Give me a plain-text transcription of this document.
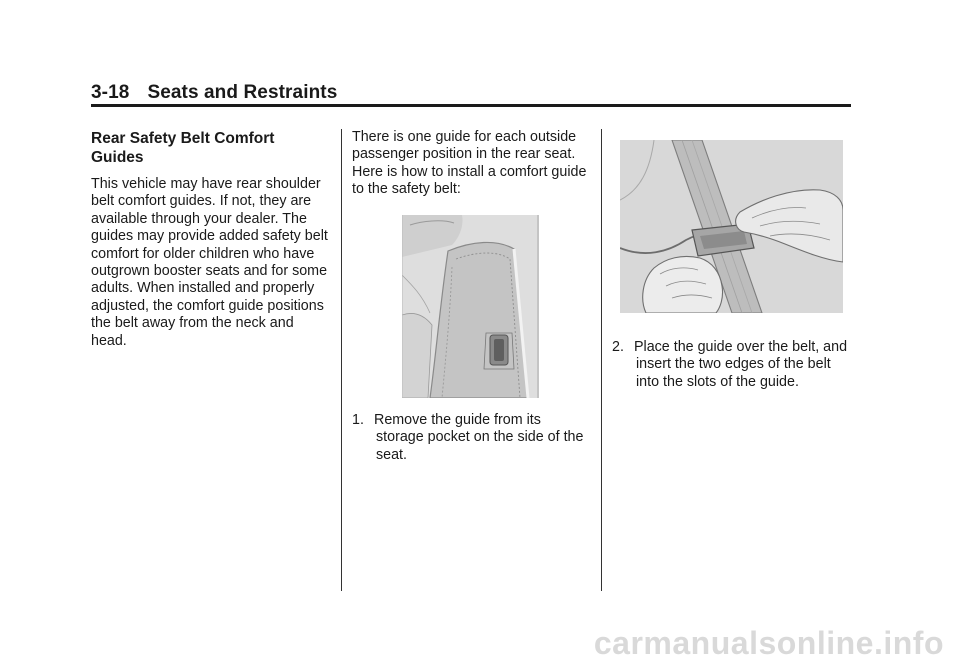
3-18 Seats and Restraints
Rear Safety Belt Comfort Guides

This vehicle may have rear shoulder belt comfort guides. If not, they are available through your dealer. The guides may provide added safety belt comfort for older children who have outgrown booster seats and for some adults. When installed and properly adjusted, the comfort guide positions the belt away from the neck and head.

There is one guide for each outside passenger position in the rear seat. Here is how to install a comfort guide to the safety belt:

1. Remove the guide from its storage pocket on the side of the seat.
2. Place the guide over the belt, and insert the two edges of the belt into the slots of the guide.
carmanualsonline.info
